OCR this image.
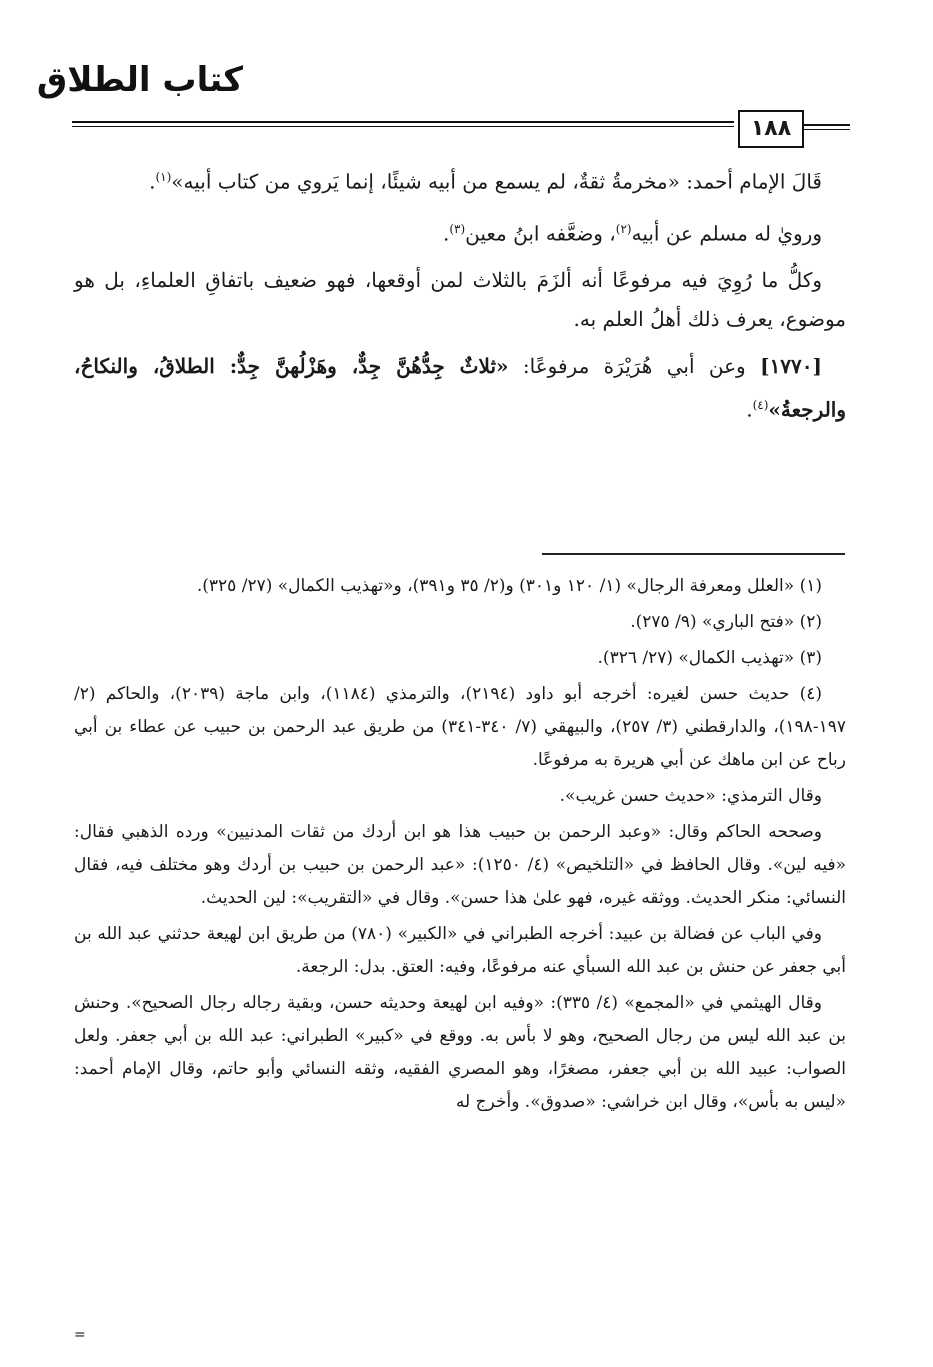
كتاب الطلاق
١٨٨

قَالَ الإمام أحمد: «مخرمةُ ثقةٌ، لم يسمع من أبيه شيئًا، إنما يَروي من كتاب أبيه»$^{(١)}$.

ورويٰ له مسلم عن أبيه$^{(٢)}$، وضعَّفه ابنُ معين$^{(٣)}$.

وكلُّ ما رُوِيَ فيه مرفوعًا أنه ألزَمَ بالثلاث لمن أوقعها، فهو ضعيف باتفاقِ العلماءِ، بل هو موضوع، يعرف ذلك أهلُ العلم به.

[١٧٧٠] وعن أبي هُرَيْرَة مرفوعًا: «ثلاثٌ جِدُّهُنَّ جِدٌّ، وهَزْلُهنَّ جِدٌّ: الطلاقُ، والنكاحُ، والرجعةُ»$^{(٤)}$.

(١) «العلل ومعرفة الرجال» (١/ ١٢٠ و٣٠١) و(٢/ ٣٥ و٣٩١)، و«تهذيب الكمال» (٢٧/ ٣٢٥).

(٢) «فتح الباري» (٩/ ٢٧٥).

(٣) «تهذيب الكمال» (٢٧/ ٣٢٦).

(٤) حديث حسن لغيره: أخرجه أبو داود (٢١٩٤)، والترمذي (١١٨٤)، وابن ماجة (٢٠٣٩)، والحاكم (٢/ ١٩٧-١٩٨)، والدارقطني (٣/ ٢٥٧)، والبيهقي (٧/ ٣٤٠-٣٤١) من طريق عبد الرحمن بن حبيب عن عطاء بن أبي رباح عن ابن ماهك عن أبي هريرة به مرفوعًا.

وقال الترمذي: «حديث حسن غريب».

وصححه الحاكم وقال: «وعبد الرحمن بن حبيب هذا هو ابن أردك من ثقات المدنيين» ورده الذهبي فقال: «فيه لين». وقال الحافظ في «التلخيص» (٤/ ١٢٥٠): «عبد الرحمن بن حبيب بن أردك وهو مختلف فيه، فقال النسائي: منكر الحديث. ووثقه غيره، فهو علىٰ هذا حسن». وقال في «التقريب»: لين الحديث.

وفي الباب عن فضالة بن عبيد: أخرجه الطبراني في «الكبير» (٧٨٠) من طريق ابن لهيعة حدثني عبد الله بن أبي جعفر عن حنش بن عبد الله السبأي عنه مرفوعًا، وفيه: العتق. بدل: الرجعة.

وقال الهيثمي في «المجمع» (٤/ ٣٣٥): «وفيه ابن لهيعة وحديثه حسن، وبقية رجاله رجال الصحيح». وحنش بن عبد الله ليس من رجال الصحيح، وهو لا بأس به. ووقع في «كبير» الطبراني: عبد الله بن أبي جعفر. ولعل الصواب: عبيد الله بن أبي جعفر، مصغرًا، وهو المصري الفقيه، وثقه النسائي وأبو حاتم، وقال الإمام أحمد: «ليس به بأس»، وقال ابن خراشي: «صدوق». وأخرج له

=
